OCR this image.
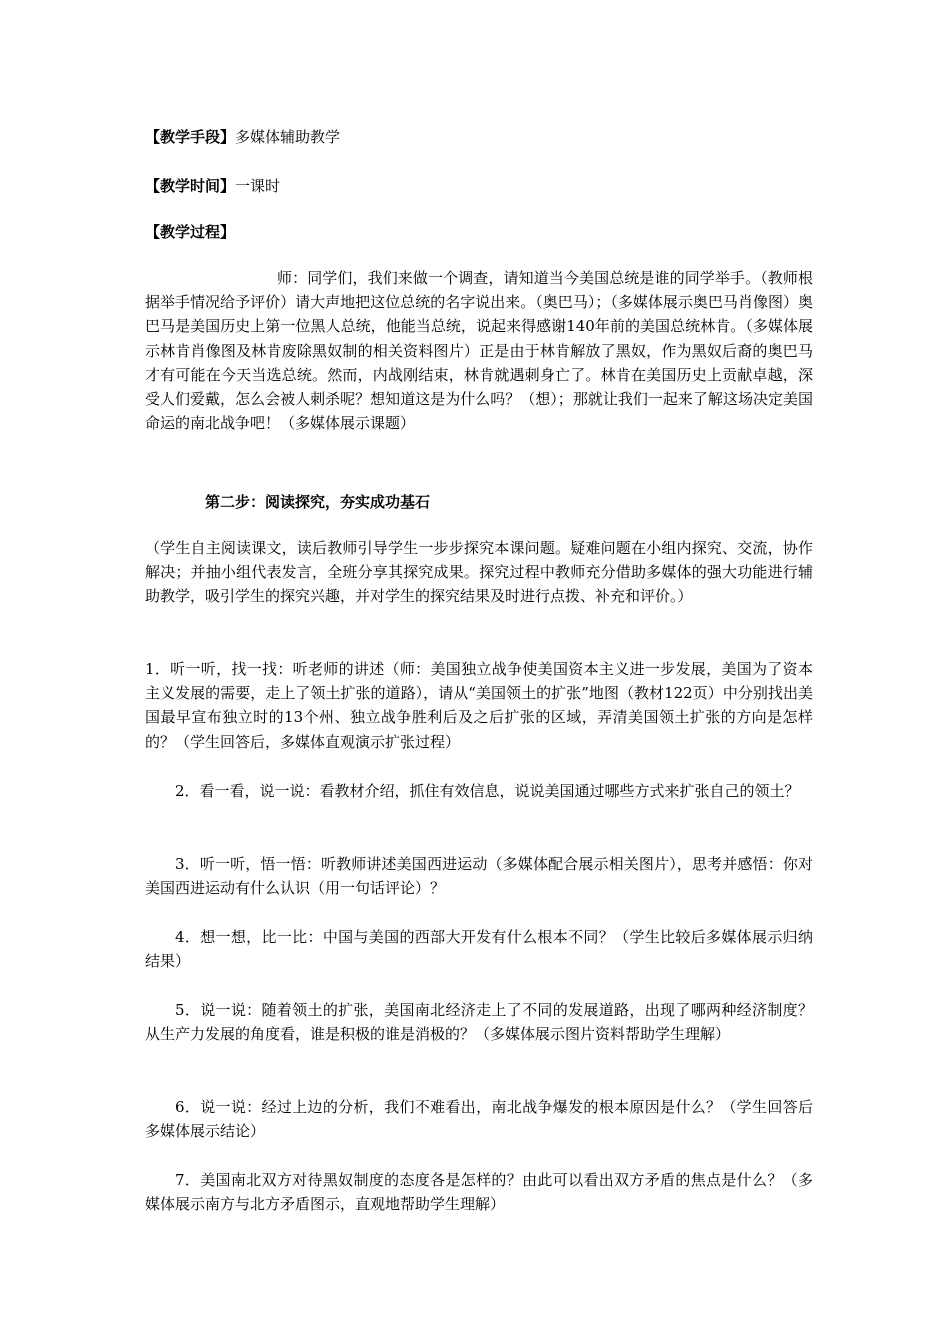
【教学手段】多媒体辅助教学
【教学时间】一课时
【教学过程】

师：同学们，我们来做一个调查，请知道当今美国总统是谁的同学举手。（教师根据举手情况给予评价）请大声地把这位总统的名字说出来。（奥巴马）；（多媒体展示奥巴马肖像图）奥巴马是美国历史上第一位黑人总统，他能当总统，说起来得感谢140年前的美国总统林肯。（多媒体展示林肯肖像图及林肯废除黑奴制的相关资料图片）正是由于林肯解放了黑奴，作为黑奴后裔的奥巴马才有可能在今天当选总统。然而，内战刚结束，林肯就遇刺身亡了。林肯在美国历史上贡献卓越，深受人们爱戴，怎么会被人刺杀呢？想知道这是为什么吗？（想）；那就让我们一起来了解这场决定美国命运的南北战争吧！（多媒体展示课题）

第二步：阅读探究，夯实成功基石

（学生自主阅读课文，读后教师引导学生一步步探究本课问题。疑难问题在小组内探究、交流，协作解决；并抽小组代表发言，全班分享其探究成果。探究过程中教师充分借助多媒体的强大功能进行辅助教学，吸引学生的探究兴趣，并对学生的探究结果及时进行点拨、补充和评价。）

1．听一听，找一找：听老师的讲述（师：美国独立战争使美国资本主义进一步发展，美国为了资本主义发展的需要，走上了领土扩张的道路），请从“美国领土的扩张”地图（教材122页）中分别找出美国最早宣布独立时的13个州、独立战争胜利后及之后扩张的区域，弄清美国领土扩张的方向是怎样的？（学生回答后，多媒体直观演示扩张过程）

2．看一看，说一说：看教材介绍，抓住有效信息，说说美国通过哪些方式来扩张自己的领土？

3．听一听，悟一悟：听教师讲述美国西进运动（多媒体配合展示相关图片），思考并感悟：你对美国西进运动有什么认识（用一句话评论）？

4．想一想，比一比：中国与美国的西部大开发有什么根本不同？（学生比较后多媒体展示归纳结果）

5．说一说：随着领土的扩张，美国南北经济走上了不同的发展道路，出现了哪两种经济制度？从生产力发展的角度看，谁是积极的谁是消极的？（多媒体展示图片资料帮助学生理解）

6．说一说：经过上边的分析，我们不难看出，南北战争爆发的根本原因是什么？（学生回答后多媒体展示结论）

7．美国南北双方对待黑奴制度的态度各是怎样的？由此可以看出双方矛盾的焦点是什么？（多媒体展示南方与北方矛盾图示，直观地帮助学生理解）
